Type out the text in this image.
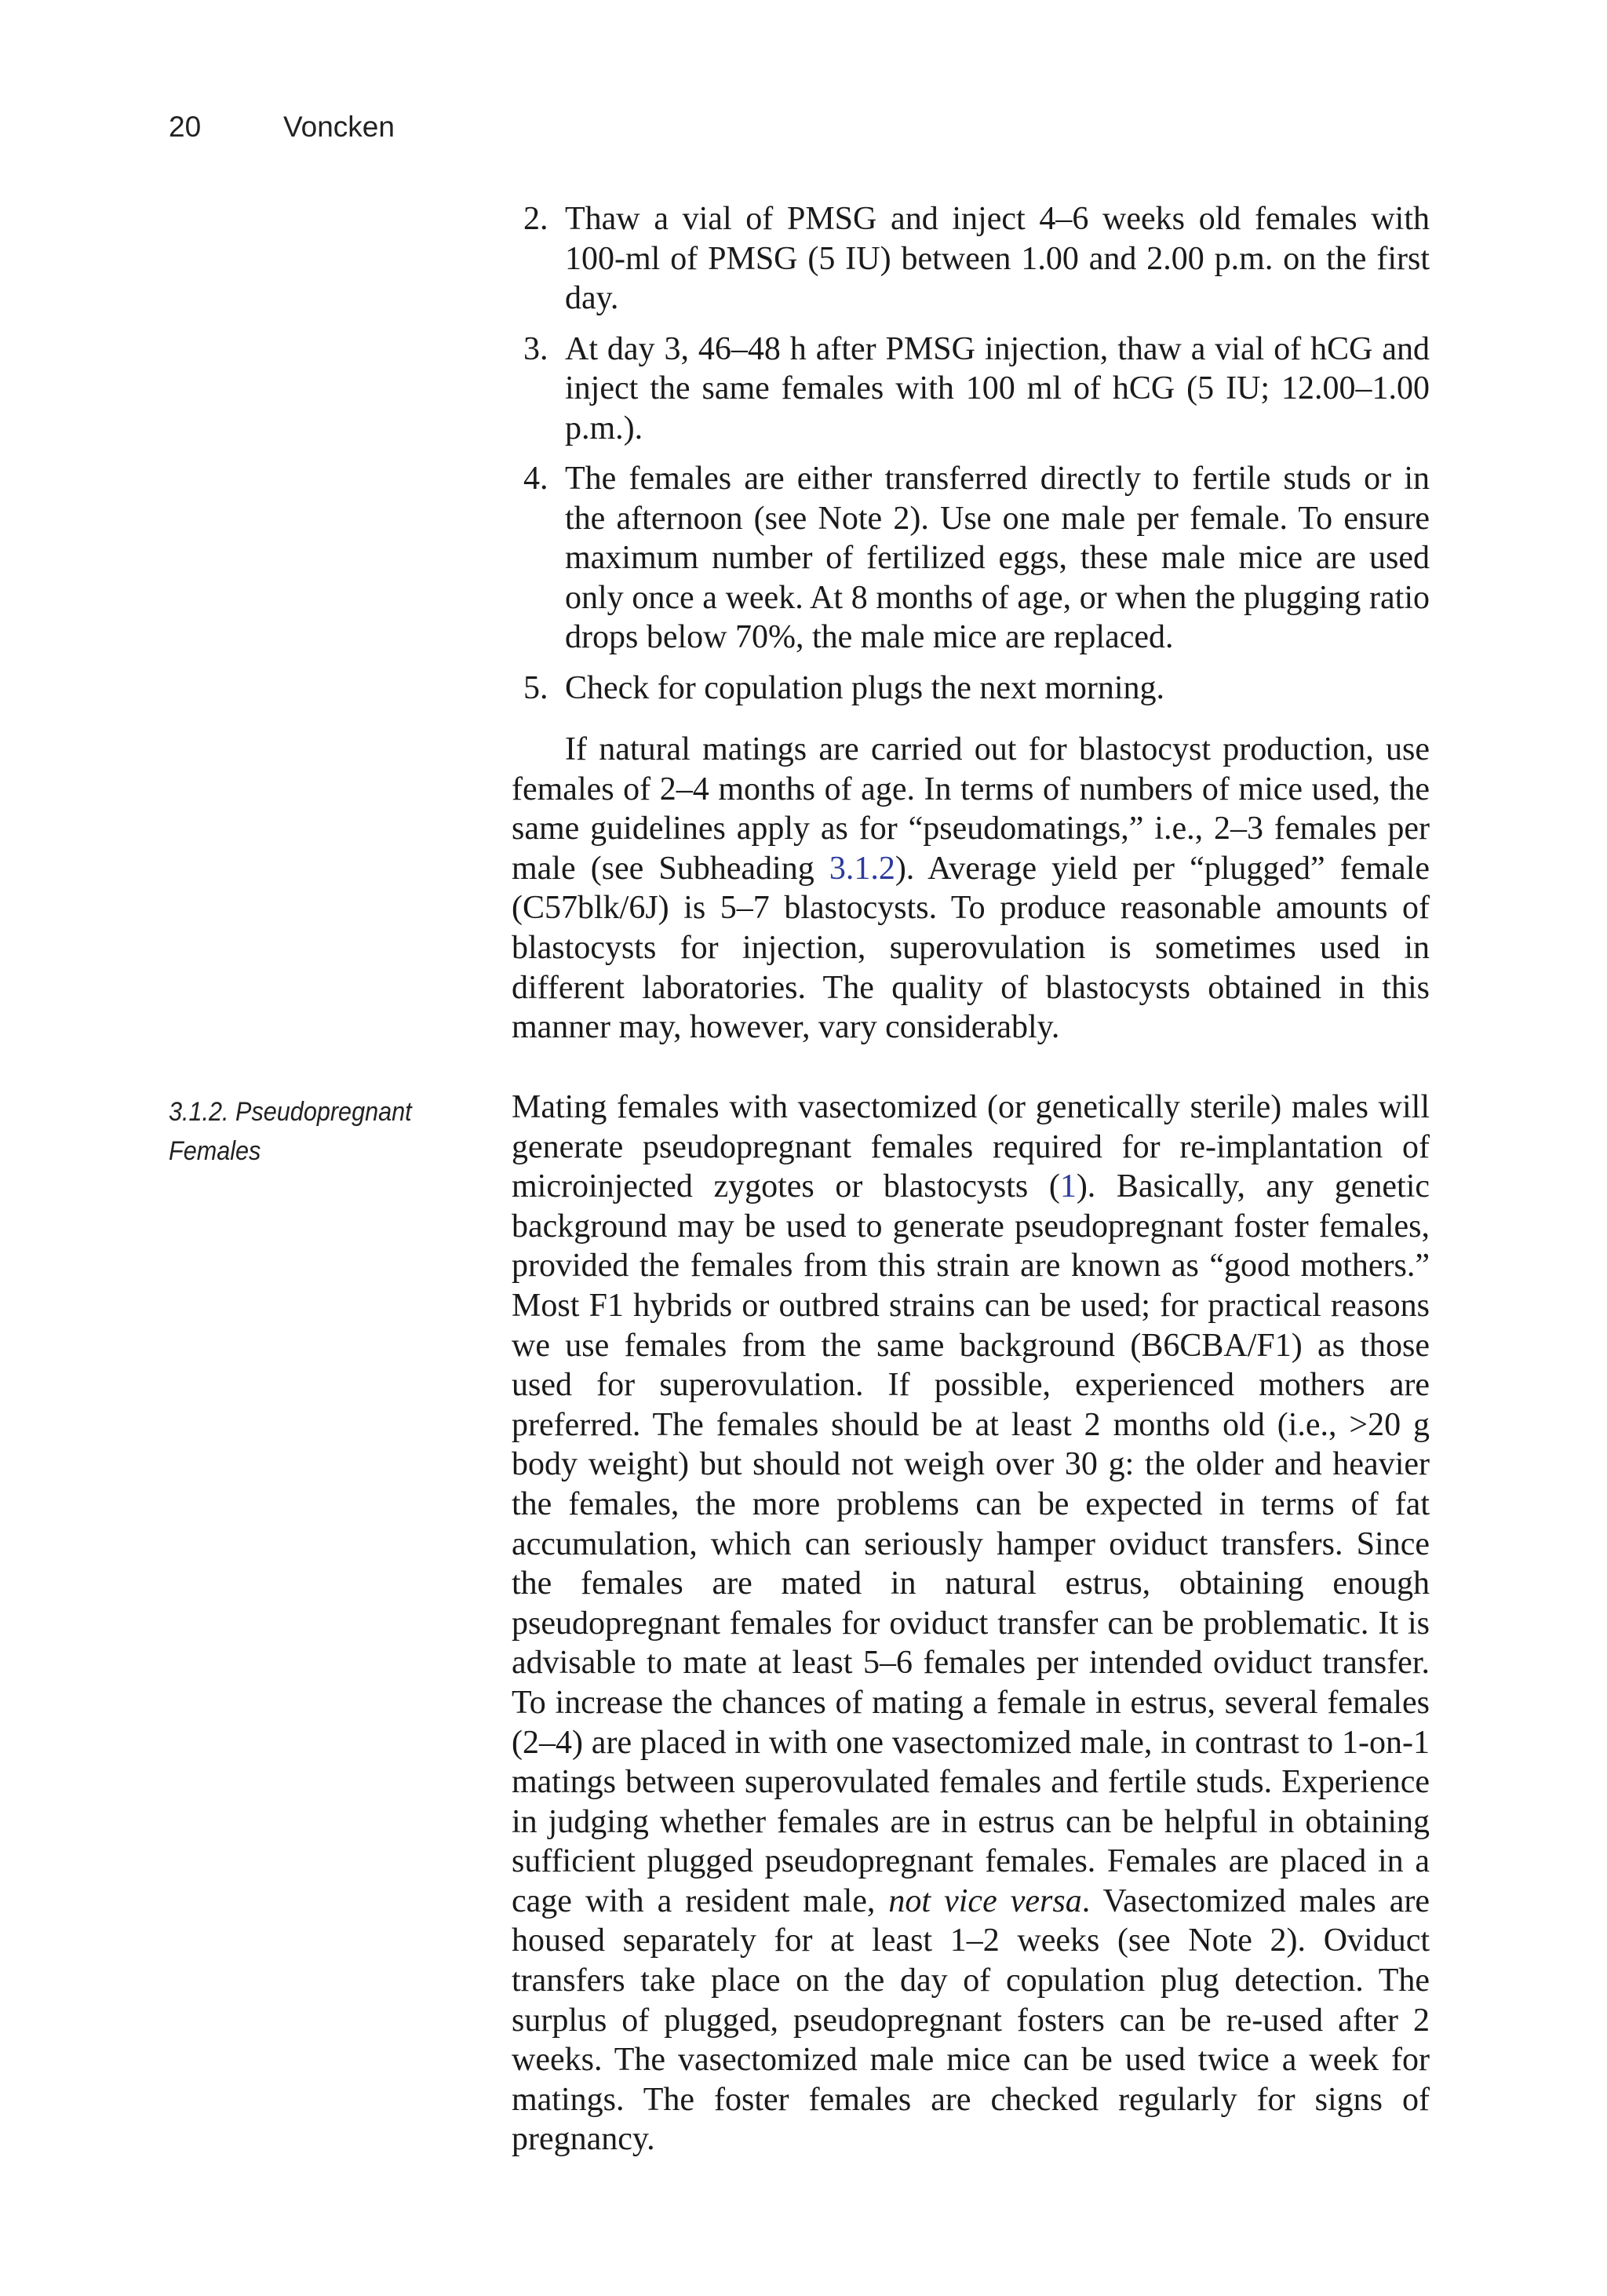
20	Voncken
2. Thaw a vial of PMSG and inject 4–6 weeks old females with 100-ml of PMSG (5 IU) between 1.00 and 2.00 p.m. on the first day.
3. At day 3, 46–48 h after PMSG injection, thaw a vial of hCG and inject the same females with 100 ml of hCG (5 IU; 12.00–1.00 p.m.).
4. The females are either transferred directly to fertile studs or in the afternoon (see Note 2). Use one male per female. To ensure maximum number of fertilized eggs, these male mice are used only once a week. At 8 months of age, or when the plugging ratio drops below 70%, the male mice are replaced.
5. Check for copulation plugs the next morning.

If natural matings are carried out for blastocyst production, use females of 2–4 months of age. In terms of numbers of mice used, the same guidelines apply as for “pseudomatings,” i.e., 2–3 females per male (see Subheading 3.1.2). Average yield per “plugged” female (C57blk/6J) is 5–7 blastocysts. To produce reasonable amounts of blastocysts for injection, superovulation is sometimes used in different laboratories. The quality of blastocysts obtained in this manner may, however, vary considerably.

3.1.2. Pseudopregnant
Females

Mating females with vasectomized (or genetically sterile) males will generate pseudopregnant females required for re-implantation of microinjected zygotes or blastocysts (1). Basically, any genetic background may be used to generate pseudopregnant foster females, provided the females from this strain are known as “good mothers.” Most F1 hybrids or outbred strains can be used; for practical reasons we use females from the same background (B6CBA/F1) as those used for superovulation. If possible, experienced mothers are preferred. The females should be at least 2 months old (i.e., >20 g body weight) but should not weigh over 30 g: the older and heavier the females, the more problems can be expected in terms of fat accumulation, which can seriously hamper oviduct transfers. Since the females are mated in natural estrus, obtaining enough pseudopregnant females for oviduct transfer can be problematic. It is advisable to mate at least 5–6 females per intended oviduct transfer. To increase the chances of mating a female in estrus, several females (2–4) are placed in with one vasectomized male, in contrast to 1-on-1 matings between superovulated females and fertile studs. Experience in judging whether females are in estrus can be helpful in obtaining sufficient plugged pseudopregnant females. Females are placed in a cage with a resident male, not vice versa. Vasectomized males are housed separately for at least 1–2 weeks (see Note 2). Oviduct transfers take place on the day of copulation plug detection. The surplus of plugged, pseudopregnant fosters can be re-used after 2 weeks. The vasectomized male mice can be used twice a week for matings. The foster females are checked regularly for signs of pregnancy.
